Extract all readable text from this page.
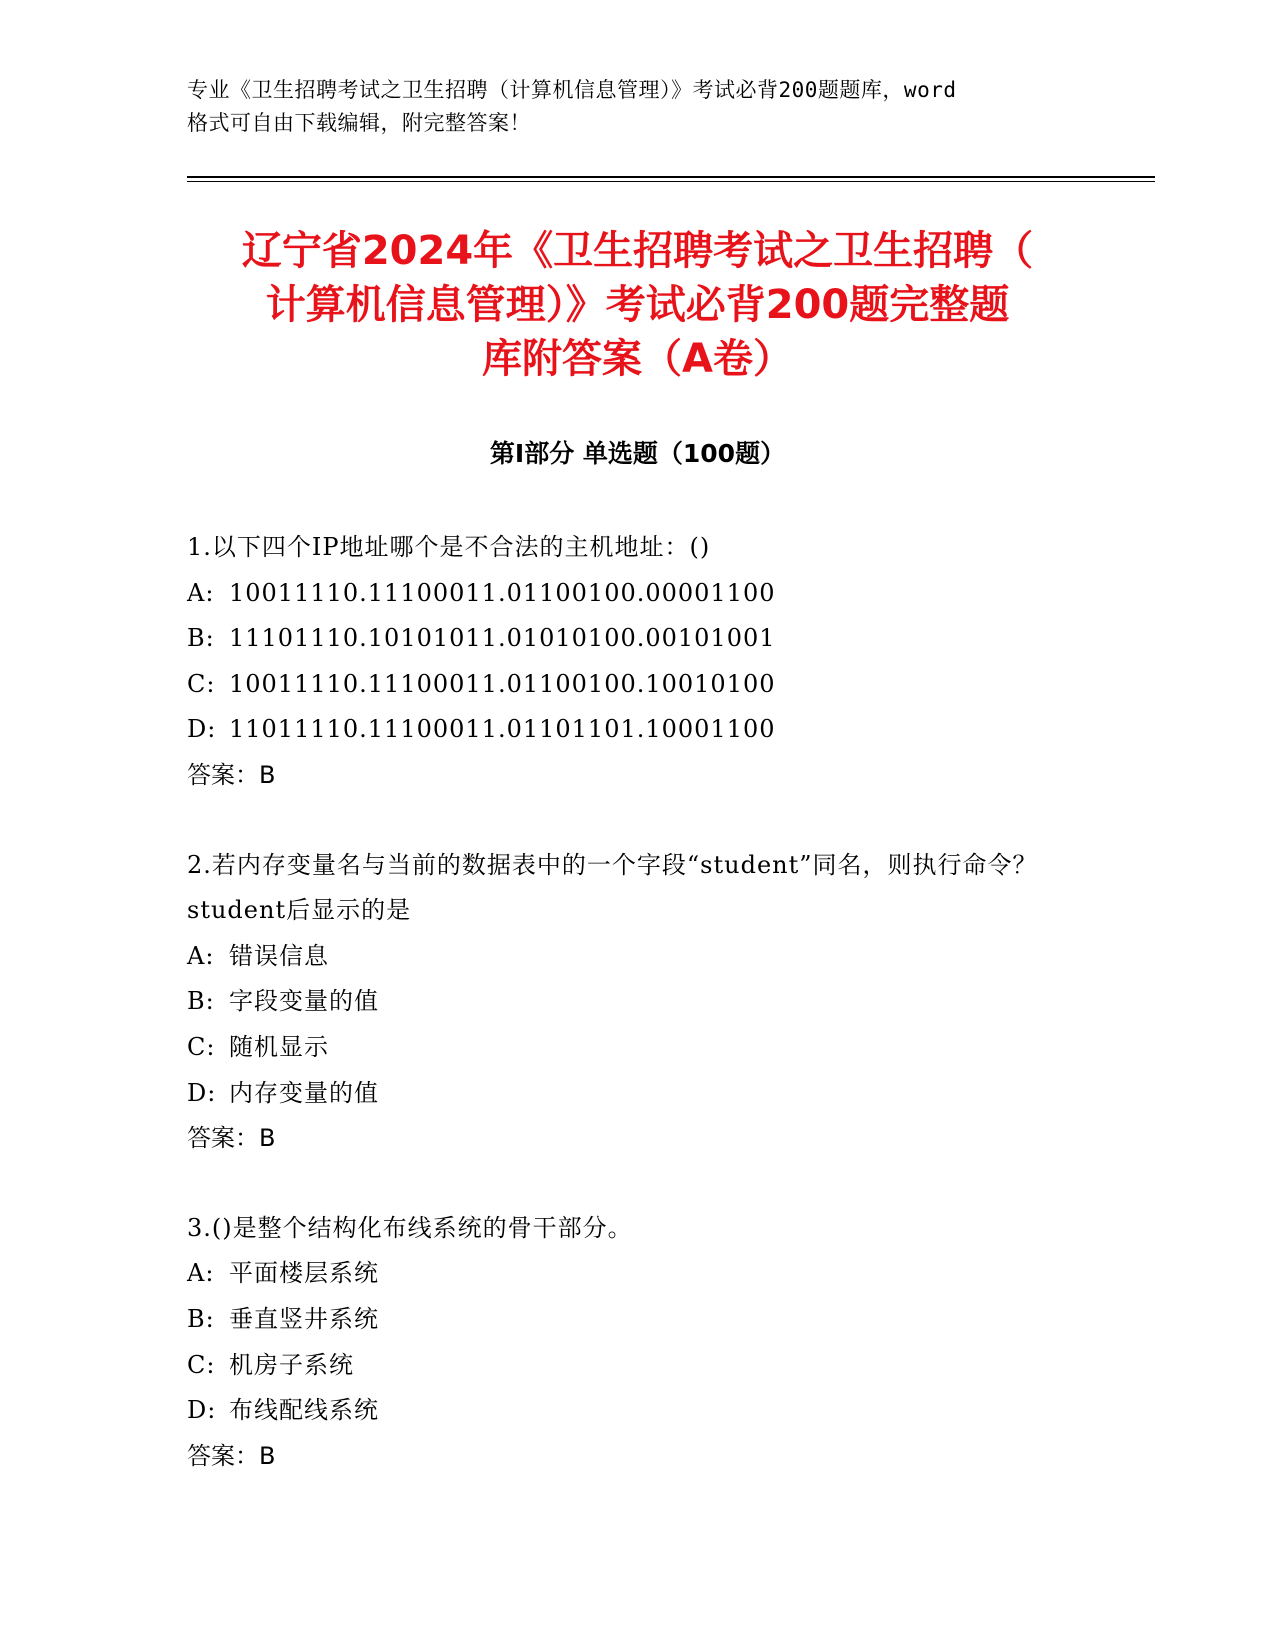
专业《卫生招聘考试之卫生招聘（计算机信息管理）》考试必背200题题库，word
格式可自由下载编辑，附完整答案！
辽宁省2024年《卫生招聘考试之卫生招聘（
计算机信息管理）》考试必背200题完整题
库附答案（A卷）
第I部分 单选题（100题）

1.以下四个IP地址哪个是不合法的主机地址：()

A: 10011110.11100011.01100100.00001100

B: 11101110.10101011.01010100.00101001

C: 10011110.11100011.01100100.10010100

D: 11011110.11100011.01101101.10001100

答案：B

2.若内存变量名与当前的数据表中的一个字段“student”同名，则执行命令？student后显示的是

A: 错误信息

B: 字段变量的值

C: 随机显示

D: 内存变量的值

答案：B

3.()是整个结构化布线系统的骨干部分。

A: 平面楼层系统

B: 垂直竖井系统

C: 机房子系统

D: 布线配线系统

答案：B
